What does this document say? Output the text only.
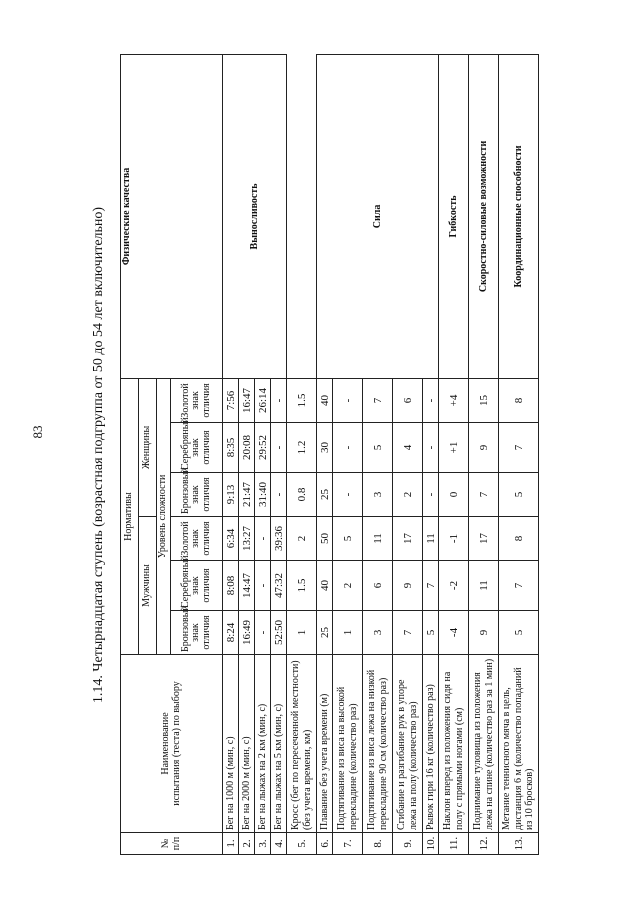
83	1.14. Четырнадцатая ступень (возрастная подгруппа от 50 до 54 лет включительно)
№
п/п	Наименование
испытания (теста) по выбору	Нормативы						Физические качества
		Мужчины			Женщины			
		Уровень сложности						
		Бронзовый знак отличия	Серебряный знак отличия	Золотой знак отличия	Бронзовый знак отличия	Серебряный знак отличия	Золотой знак отличия	
1.	Бег на 1000 м (мин, с)	8:24	8:08	6:34	9:13	8:35	7:56	Выносливость
2.	Бег на 2000 м (мин, с)	16:49	14:47	13:27	21:47	20:08	16:47	
3.	Бег на лыжах на 2 км (мин, с)	-	-	-	31:40	29:52	26:14	
4.	Бег на лыжах на 5 км (мин, с)	52:50	47:32	39:36	-	-	-	
5.	Кросс (бег по пересеченной местности) (без учета времени, км)	1	1.5	2	0.8	1.2	1.5	
6.	Плавание без учета времени (м)	25	40	50	25	30	40	Сила
7.	Подтягивание из виса на высокой перекладине (количество раз)	1	2	5	-	-	-	
8.	Подтягивание из виса лежа на низкой перекладине 90 см (количество раз)	3	6	11	3	5	7	
9.	Сгибание и разгибание рук в упоре лежа на полу (количество раз)	7	9	17	2	4	6	
10.	Рывок гири 16 кг (количество раз)	5	7	11	-	-	-	
11.	Наклон вперед из положения сидя на полу с прямыми ногами (см)	-4	-2	-1	0	+1	+4	Гибкость
12.	Поднимание туловища из положения лежа на спине (количество раз за 1 мин)	9	11	17	7	9	15	Скоростно-силовые возможности
13.	Метание теннисного мяча в цель, дистанция 6 м (количество попаданий из 10 бросков)	5	7	8	5	7	8	Координационные способности
